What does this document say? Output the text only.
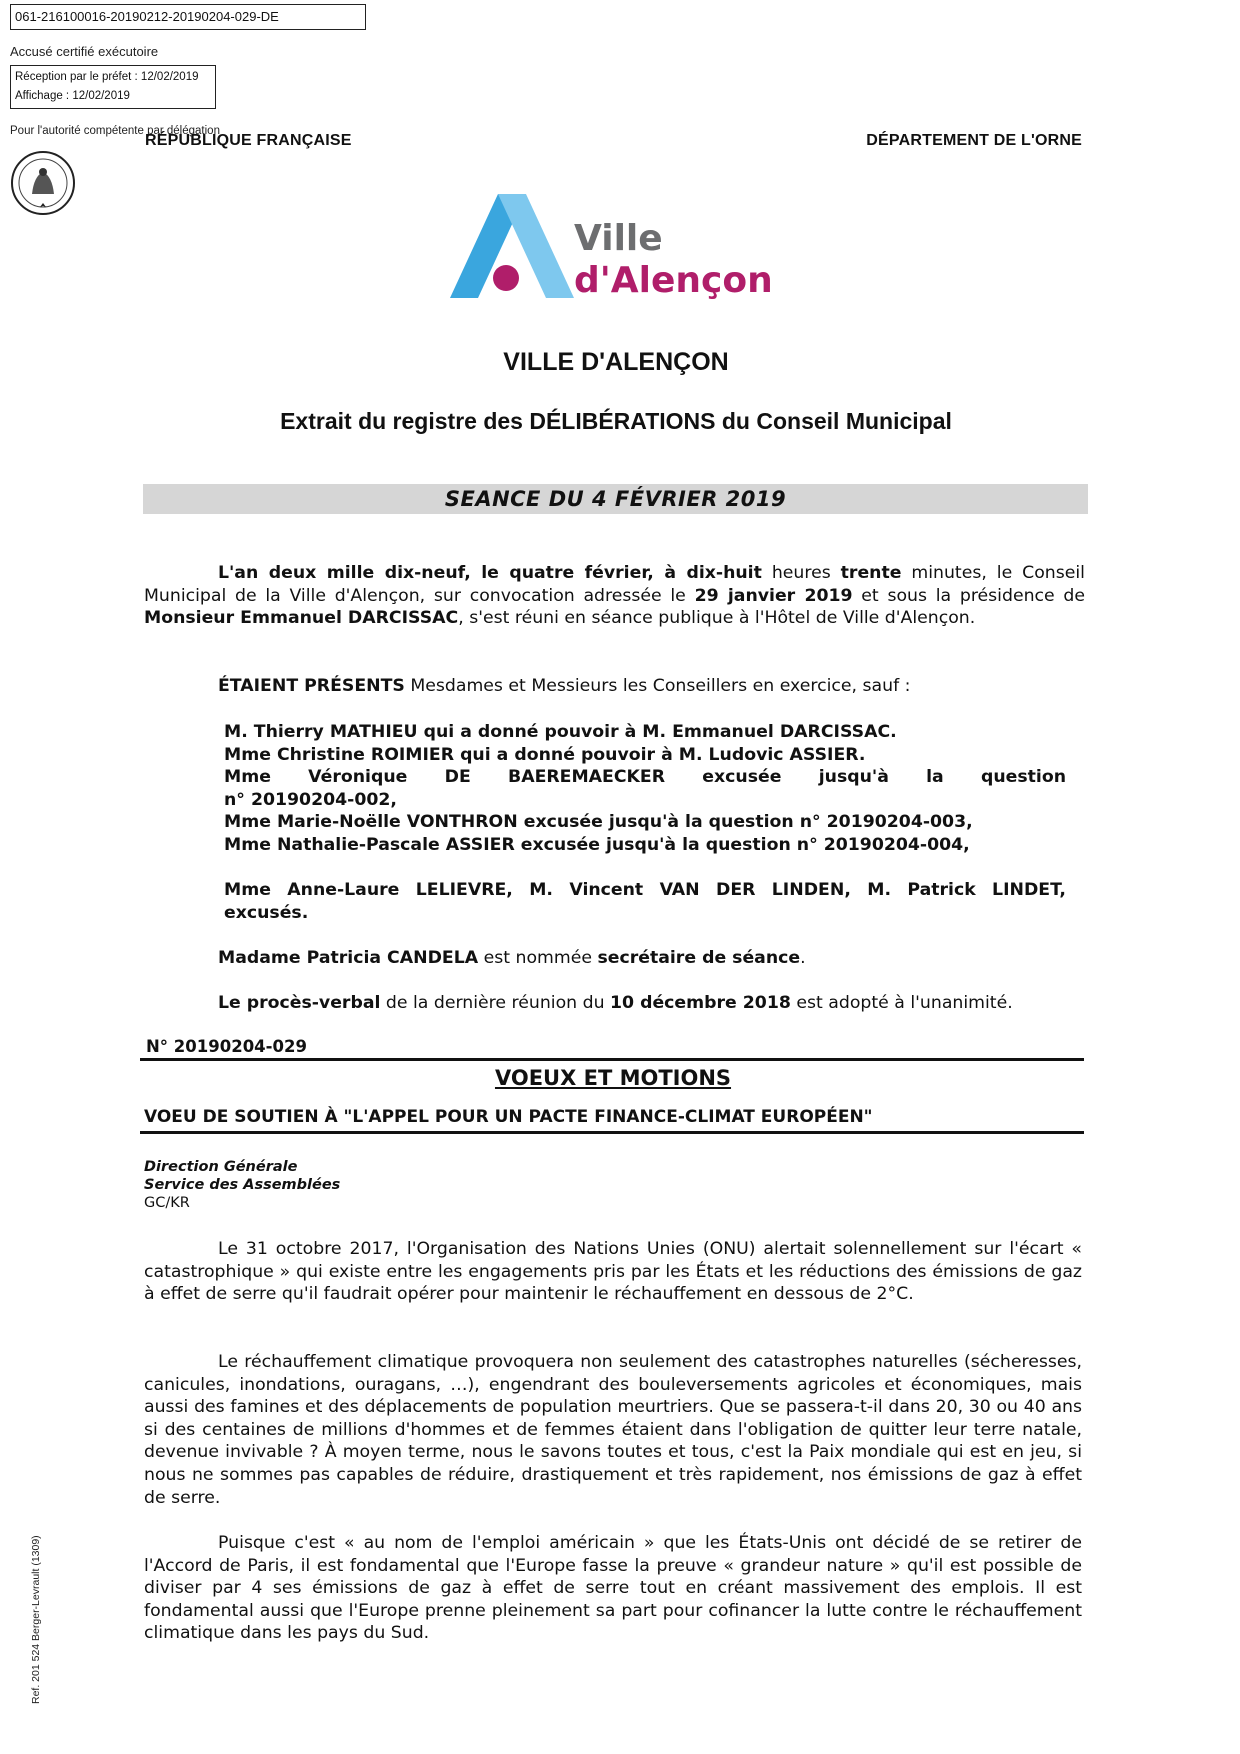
061-216100016-20190212-20190204-029-DE
Accusé certifié exécutoire
Réception par le préfet : 12/02/2019
Affichage : 12/02/2019
Pour l'autorité compétente par délégation
RÉPUBLIQUE FRANÇAISE	DÉPARTEMENT DE L'ORNE
Ville
d'Alençon
VILLE D'ALENÇON
Extrait du registre des DÉLIBÉRATIONS du Conseil Municipal
SEANCE DU 4 FÉVRIER 2019
L'an deux mille dix-neuf, le quatre février, à dix-huit heures trente minutes, le Conseil Municipal de la Ville d'Alençon, sur convocation adressée le 29 janvier 2019 et sous la présidence de Monsieur Emmanuel DARCISSAC, s'est réuni en séance publique à l'Hôtel de Ville d'Alençon.
ÉTAIENT PRÉSENTS Mesdames et Messieurs les Conseillers en exercice, sauf :
M. Thierry MATHIEU qui a donné pouvoir à M. Emmanuel DARCISSAC.
Mme Christine ROIMIER qui a donné pouvoir à M. Ludovic ASSIER.
Mme Véronique DE BAEREMAECKER excusée jusqu'à la question
n° 20190204-002,
Mme Marie-Noëlle VONTHRON excusée jusqu'à la question n° 20190204-003,
Mme Nathalie-Pascale ASSIER excusée jusqu'à la question n° 20190204-004,
Mme Anne-Laure LELIEVRE, M. Vincent VAN DER LINDEN, M. Patrick LINDET,
excusés.
Madame Patricia CANDELA est nommée secrétaire de séance.
Le procès-verbal de la dernière réunion du 10 décembre 2018 est adopté à l'unanimité.
N° 20190204-029
VOEUX ET MOTIONS
VOEU DE SOUTIEN À "L'APPEL POUR UN PACTE FINANCE-CLIMAT EUROPÉEN"
Direction Générale
Service des Assemblées
GC/KR
Le 31 octobre 2017, l'Organisation des Nations Unies (ONU) alertait solennellement sur l'écart « catastrophique » qui existe entre les engagements pris par les États et les réductions des émissions de gaz à effet de serre qu'il faudrait opérer pour maintenir le réchauffement en dessous de 2°C.
Le réchauffement climatique provoquera non seulement des catastrophes naturelles (sécheresses, canicules, inondations, ouragans, …), engendrant des bouleversements agricoles et économiques, mais aussi des famines et des déplacements de population meurtriers. Que se passera-t-il dans 20, 30 ou 40 ans si des centaines de millions d'hommes et de femmes étaient dans l'obligation de quitter leur terre natale, devenue invivable ? À moyen terme, nous le savons toutes et tous, c'est la Paix mondiale qui est en jeu, si nous ne sommes pas capables de réduire, drastiquement et très rapidement, nos émissions de gaz à effet de serre.
Puisque c'est « au nom de l'emploi américain » que les États-Unis ont décidé de se retirer de l'Accord de Paris, il est fondamental que l'Europe fasse la preuve « grandeur nature » qu'il est possible de diviser par 4 ses émissions de gaz à effet de serre tout en créant massivement des emplois. Il est fondamental aussi que l'Europe prenne pleinement sa part pour cofinancer la lutte contre le réchauffement climatique dans les pays du Sud.
Ref. 201 524 Berger-Levrault (1309)
